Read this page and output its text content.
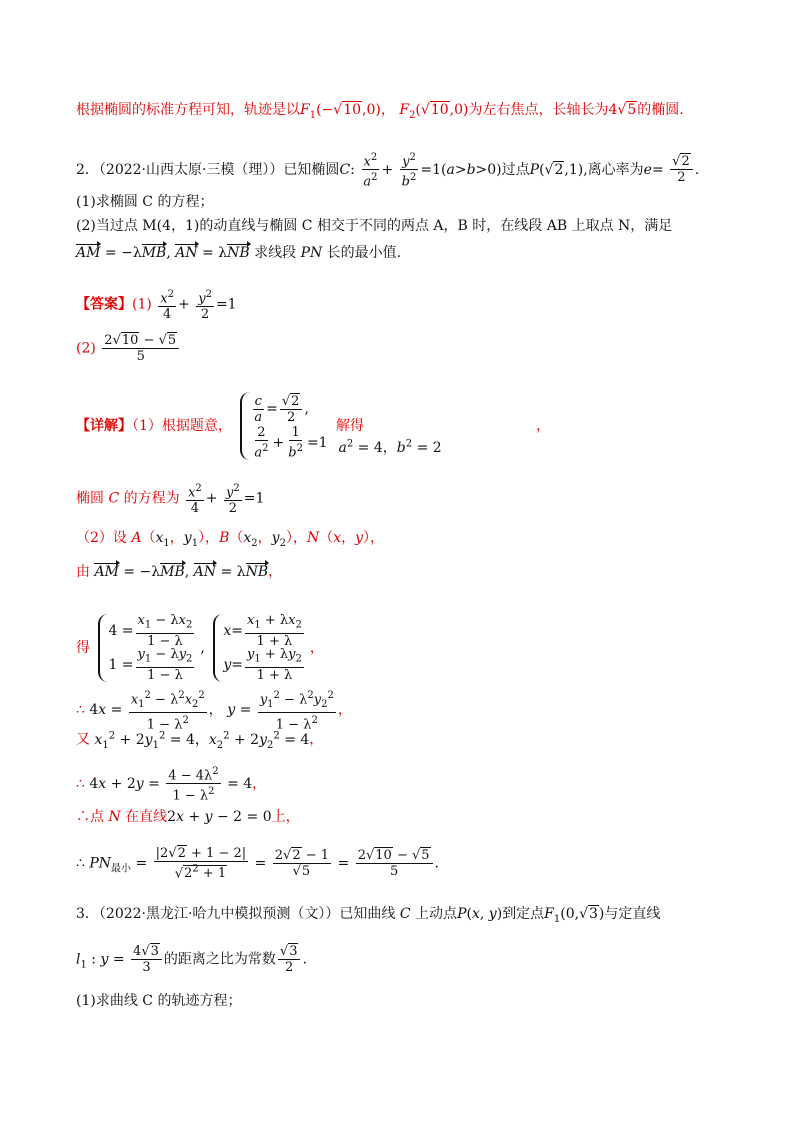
根据椭圆的标准方程可知，轨迹是以$F_1(-√10,0)$， $F_2(√10,0)$为左右焦点，长轴长为4√5的椭圆.
2．（2022·山西太原·三模（理））已知椭圆C: $\frac{x^2}{a^2} + \frac{y^2}{b^2} =1(a>b>0)$过点P(√2,1),离心率为$e= \frac{√2}{2}$ .
(1)求椭圆 C 的方程；
(2)当过点 M(4，1)的动直线与椭圆 C 相交于不同的两点 A，B 时，在线段 AB 上取点 N，满足
AM = −λMB, AN = λNB 求线段 PN 长的最小值.
【答案】$(1) \frac{x^2}{4} + \frac{y^2}{2} =1$
$(2) \frac{2√10 - √5}{5}$
【详解】（1）根据题意，
$\frac{c}{a} = \frac{√2}{2}$ ,
$\frac{2}{a^2} + \frac{1}{b^2} =1$
解得 $a^2 = 4$，$b^2 = 2$ ，
椭圆 C 的方程为 $\frac{x^2}{4} + \frac{y^2}{2} =1$
（2）设 $A(x_1$，$y_1$），$B(x_2$，$y_2$），N（x，y），
由 AM = −λMB, AN = λNB，
得
$4 = \frac{x_1 - \lambda x_2}{1 - \lambda}$
$1 = \frac{y_1 - \lambda y_2}{1 - \lambda}$ ,
$x = \frac{x_1 + \lambda x_2}{1 + \lambda}$
$y = \frac{y_1 + \lambda y_2}{1 + \lambda}$ ，
∴ $4x = \frac{x_1^2 - \lambda^2x_2^2}{1 - \lambda^2}$ ， $y = \frac{y_1^2 - \lambda^2y_2^2}{1 - \lambda^2}$ ，
又 $x_1^2 + 2y_1^2 = 4$，$x_2^2 + 2y_2^2 = 4$，
∴ $4x + 2y = \frac{4 - 4\lambda^2}{1 - \lambda^2} = 4$，
∴点 N 在直线2x + y − 2 = 0上，
∴ $PN_{最小} = \frac{|2√2 + 1 - 2|}{√2^2 + 1} = \frac{2√2 - 1}{√5} = \frac{2√10 - √5}{5}$ .
3．（2022·黑龙江·哈九中模拟预测（文））已知曲线 C 上动点P(x, y)到定点$F_1(0,√3)$与定直线
$l_1$ : $y = \frac{4√3}{3}$ 的距离之比为常数 $\frac{√3}{2}$ .
(1)求曲线 C 的轨迹方程；
